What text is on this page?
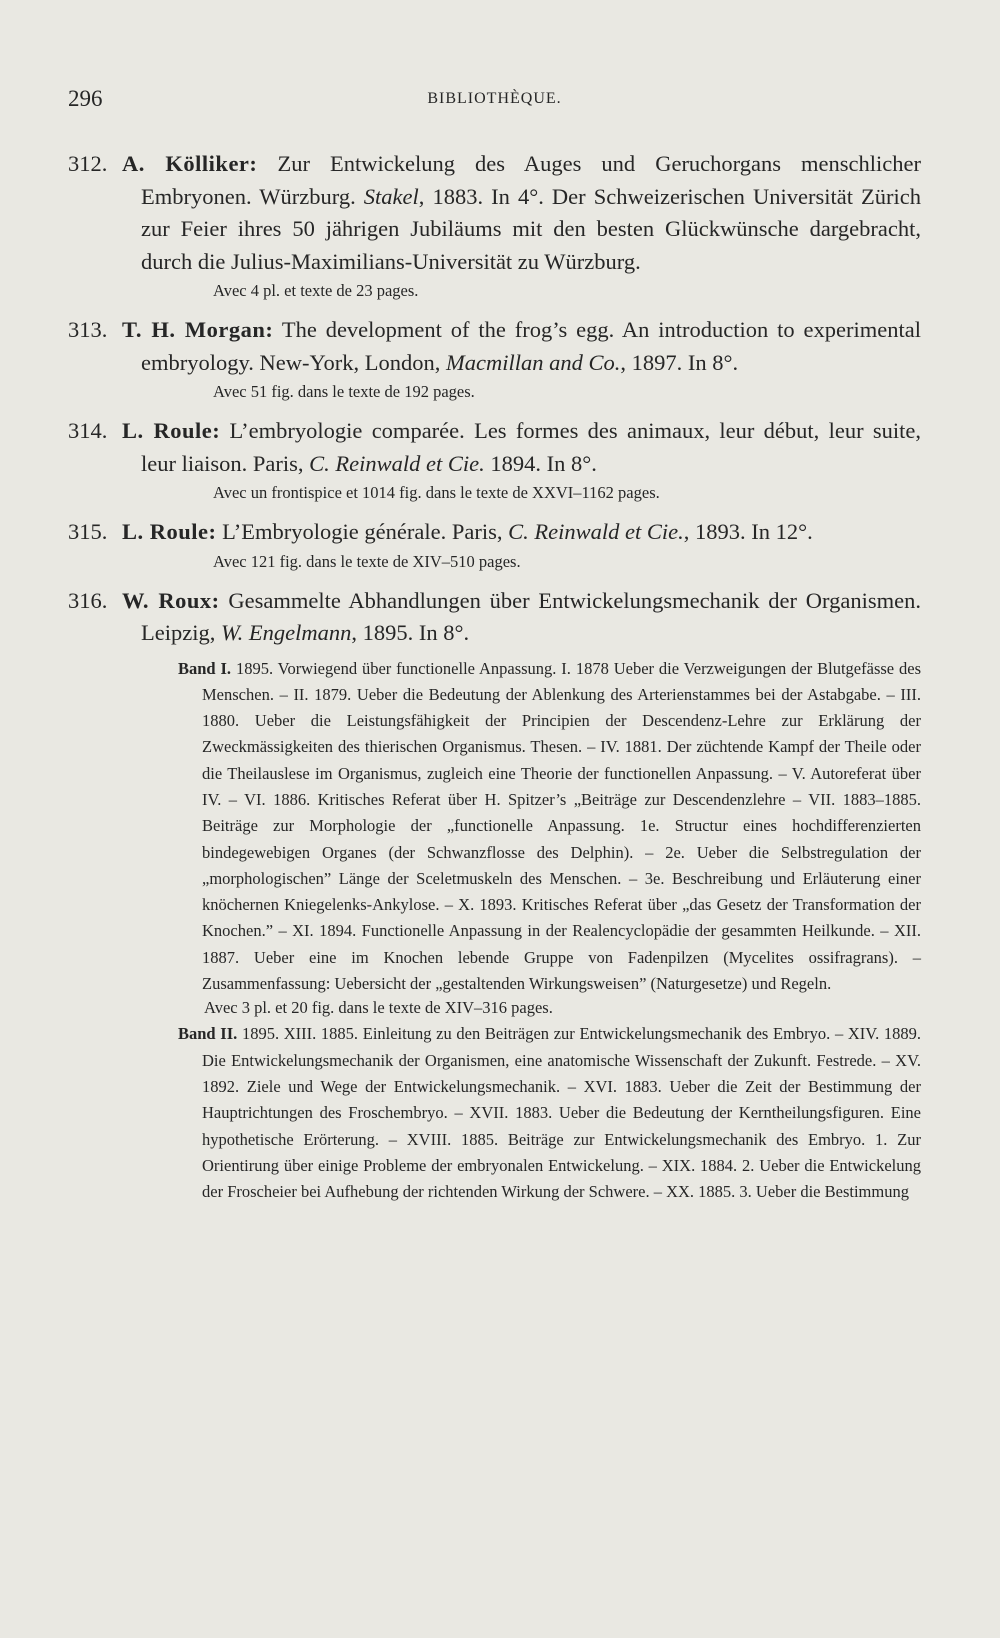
296	BIBLIOTHÈQUE.
312. A. Kölliker: Zur Entwickelung des Auges und Geruchorgans menschlicher Embryonen. Würzburg. Stakel, 1883. In 4°. Der Schweizerischen Universität Zürich zur Feier ihres 50 jährigen Jubiläums mit den besten Glückwünsche dargebracht, durch die Julius-Maximilians-Universität zu Würzburg.
Avec 4 pl. et texte de 23 pages.
313. T. H. Morgan: The development of the frog’s egg. An introduction to experimental embryology. New-York, London, Macmillan and Co., 1897. In 8°.
Avec 51 fig. dans le texte de 192 pages.
314. L. Roule: L’embryologie comparée. Les formes des animaux, leur début, leur suite, leur liaison. Paris, C. Reinwald et Cie. 1894. In 8°.
Avec un frontispice et 1014 fig. dans le texte de XXVI–1162 pages.
315. L. Roule: L’Embryologie générale. Paris, C. Reinwald et Cie., 1893. In 12°.
Avec 121 fig. dans le texte de XIV–510 pages.
316. W. Roux: Gesammelte Abhandlungen über Entwickelungsmechanik der Organismen. Leipzig, W. Engelmann, 1895. In 8°.
Band I. 1895. Vorwiegend über functionelle Anpassung. I. 1878 Ueber die Verzweigungen der Blutgefässe des Menschen. – II. 1879. Ueber die Bedeutung der Ablenkung des Arterienstammes bei der Astabgabe. – III. 1880. Ueber die Leistungsfähigkeit der Principien der Descendenz-Lehre zur Erklärung der Zweckmässigkeiten des thierischen Organismus. Thesen. – IV. 1881. Der züchtende Kampf der Theile oder die Theilauslese im Organismus, zugleich eine Theorie der functionellen Anpassung. – V. Autoreferat über IV. – VI. 1886. Kritisches Referat über H. Spitzer’s „Beiträge zur Descendenzlehre – VII. 1883–1885. Beiträge zur Morphologie der „functionelle Anpassung. 1e. Structur eines hochdifferenzierten bindegewebigen Organes (der Schwanzflosse des Delphin). – 2e. Ueber die Selbstregulation der „morphologischen” Länge der Sceletmuskeln des Menschen. – 3e. Beschreibung und Erläuterung einer knöchernen Kniegelenks-Ankylose. – X. 1893. Kritisches Referat über „das Gesetz der Transformation der Knochen.” – XI. 1894. Functionelle Anpassung in der Realencyclopädie der gesammten Heilkunde. – XII. 1887. Ueber eine im Knochen lebende Gruppe von Fadenpilzen (Mycelites ossifragrans). – Zusammenfassung: Uebersicht der „gestaltenden Wirkungsweisen” (Naturgesetze) und Regeln.
Avec 3 pl. et 20 fig. dans le texte de XIV–316 pages.
Band II. 1895. XIII. 1885. Einleitung zu den Beiträgen zur Entwickelungsmechanik des Embryo. – XIV. 1889. Die Entwickelungsmechanik der Organismen, eine anatomische Wissenschaft der Zukunft. Festrede. – XV. 1892. Ziele und Wege der Entwickelungsmechanik. – XVI. 1883. Ueber die Zeit der Bestimmung der Hauptrichtungen des Froschembryo. – XVII. 1883. Ueber die Bedeutung der Kerntheilungsfiguren. Eine hypothetische Erörterung. – XVIII. 1885. Beiträge zur Entwickelungsmechanik des Embryo. 1. Zur Orientirung über einige Probleme der embryonalen Entwickelung. – XIX. 1884. 2. Ueber die Entwickelung der Froscheier bei Aufhebung der richtenden Wirkung der Schwere. – XX. 1885. 3. Ueber die Bestimmung
